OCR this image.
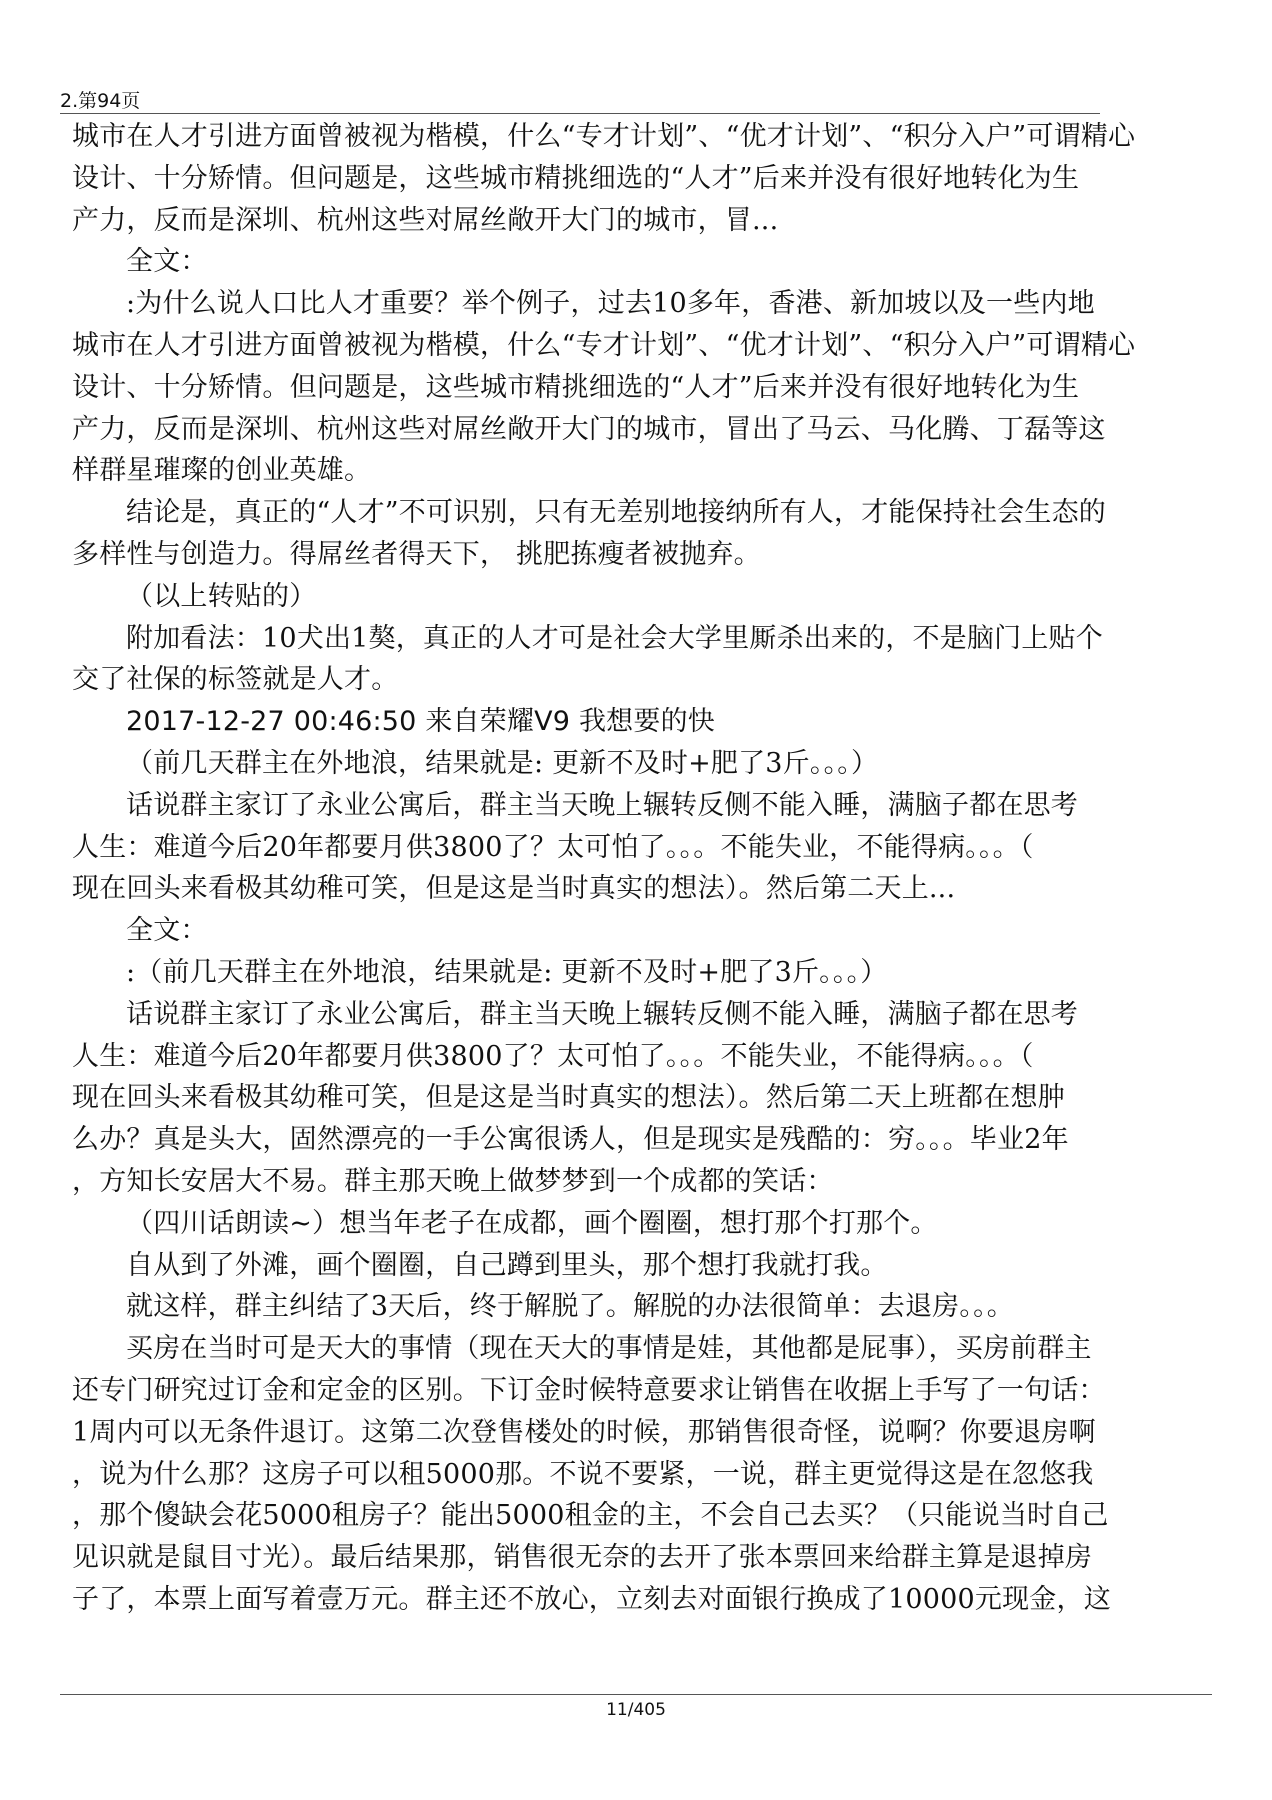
2.第94页
城市在人才引进方面曾被视为楷模，什么“专才计划”、“优才计划”、“积分入户”可谓精心
设计、十分矫情。但问题是，这些城市精挑细选的“人才”后来并没有很好地转化为生
产力，反而是深圳、杭州这些对屌丝敞开大门的城市，冒...
全文：
:为什么说人口比人才重要？举个例子，过去10多年，香港、新加坡以及一些内地
城市在人才引进方面曾被视为楷模，什么“专才计划”、“优才计划”、“积分入户”可谓精心
设计、十分矫情。但问题是，这些城市精挑细选的“人才”后来并没有很好地转化为生
产力，反而是深圳、杭州这些对屌丝敞开大门的城市，冒出了马云、马化腾、丁磊等这
样群星璀璨的创业英雄。
结论是，真正的“人才”不可识别，只有无差别地接纳所有人，才能保持社会生态的
多样性与创造力。得屌丝者得天下， 挑肥拣瘦者被抛弃。
（以上转贴的）
附加看法：10犬出1獒，真正的人才可是社会大学里厮杀出来的，不是脑门上贴个
交了社保的标签就是人才。
2017-12-27 00:46:50 来自荣耀V9 我想要的快
（前几天群主在外地浪，结果就是: 更新不及时+肥了3斤。。。）
话说群主家订了永业公寓后，群主当天晚上辗转反侧不能入睡，满脑子都在思考
人生：难道今后20年都要月供3800了？太可怕了。。。不能失业，不能得病。。。（
现在回头来看极其幼稚可笑，但是这是当时真实的想法）。然后第二天上...
全文：
:（前几天群主在外地浪，结果就是: 更新不及时+肥了3斤。。。）
话说群主家订了永业公寓后，群主当天晚上辗转反侧不能入睡，满脑子都在思考
人生：难道今后20年都要月供3800了？太可怕了。。。不能失业，不能得病。。。（
现在回头来看极其幼稚可笑，但是这是当时真实的想法）。然后第二天上班都在想肿
么办？真是头大，固然漂亮的一手公寓很诱人，但是现实是残酷的：穷。。。毕业2年
，方知长安居大不易。群主那天晚上做梦梦到一个成都的笑话：
（四川话朗读~）想当年老子在成都，画个圈圈，想打那个打那个。
自从到了外滩，画个圈圈，自己蹲到里头，那个想打我就打我。
就这样，群主纠结了3天后，终于解脱了。解脱的办法很简单：去退房。。。
买房在当时可是天大的事情（现在天大的事情是娃，其他都是屁事），买房前群主
还专门研究过订金和定金的区别。下订金时候特意要求让销售在收据上手写了一句话：
1周内可以无条件退订。这第二次登售楼处的时候，那销售很奇怪，说啊？你要退房啊
，说为什么那？这房子可以租5000那。不说不要紧，一说，群主更觉得这是在忽悠我
，那个傻缺会花5000租房子？能出5000租金的主，不会自己去买？（只能说当时自己
见识就是鼠目寸光）。最后结果那，销售很无奈的去开了张本票回来给群主算是退掉房
子了，本票上面写着壹万元。群主还不放心，立刻去对面银行换成了10000元现金，这
11/405
